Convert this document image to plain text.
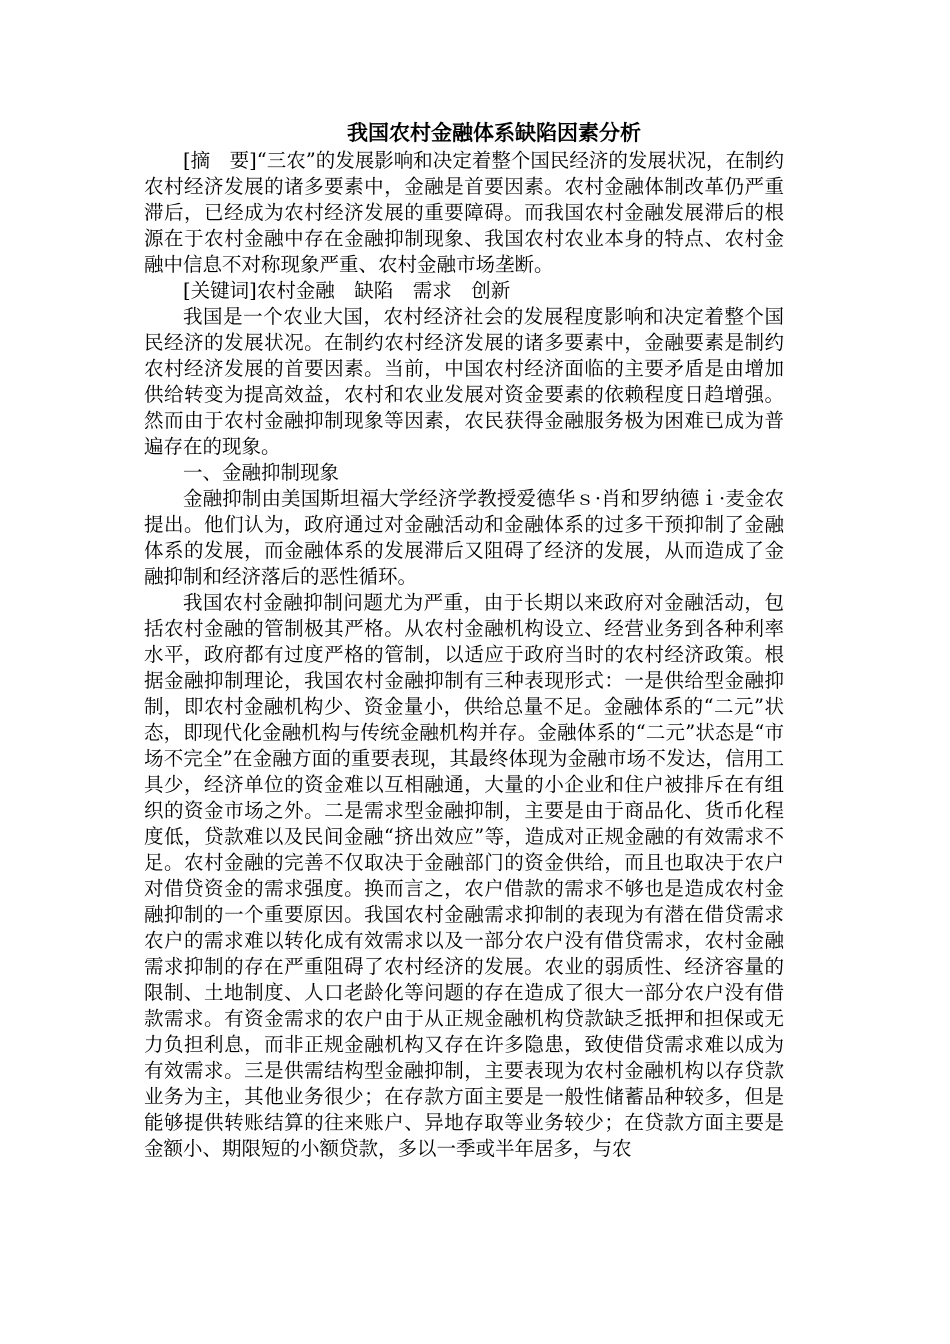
我国农村金融体系缺陷因素分析

[摘　要]“三农”的发展影响和决定着整个国民经济的发展状况，在制约农村经济发展的诸多要素中，金融是首要因素。农村金融体制改革仍严重滞后，已经成为农村经济发展的重要障碍。而我国农村金融发展滞后的根源在于农村金融中存在金融抑制现象、我国农村农业本身的特点、农村金融中信息不对称现象严重、农村金融市场垄断。

[关键词]农村金融　缺陷　需求　创新

我国是一个农业大国，农村经济社会的发展程度影响和决定着整个国民经济的发展状况。在制约农村经济发展的诸多要素中，金融要素是制约农村经济发展的首要因素。当前，中国农村经济面临的主要矛盾是由增加供给转变为提高效益，农村和农业发展对资金要素的依赖程度日趋增强。然而由于农村金融抑制现象等因素，农民获得金融服务极为困难已成为普遍存在的现象。

一、金融抑制现象

金融抑制由美国斯坦福大学经济学教授爱德华ｓ·肖和罗纳德ｉ·麦金农提出。他们认为，政府通过对金融活动和金融体系的过多干预抑制了金融体系的发展，而金融体系的发展滞后又阻碍了经济的发展，从而造成了金融抑制和经济落后的恶性循环。

我国农村金融抑制问题尤为严重，由于长期以来政府对金融活动，包括农村金融的管制极其严格。从农村金融机构设立、经营业务到各种利率水平，政府都有过度严格的管制，以适应于政府当时的农村经济政策。根据金融抑制理论，我国农村金融抑制有三种表现形式：一是供给型金融抑制，即农村金融机构少、资金量小，供给总量不足。金融体系的“二元”状态，即现代化金融机构与传统金融机构并存。金融体系的“二元”状态是“市场不完全”在金融方面的重要表现，其最终体现为金融市场不发达，信用工具少，经济单位的资金难以互相融通，大量的小企业和住户被排斥在有组织的资金市场之外。二是需求型金融抑制，主要是由于商品化、货币化程度低，贷款难以及民间金融“挤出效应”等，造成对正规金融的有效需求不足。农村金融的完善不仅取决于金融部门的资金供给，而且也取决于农户对借贷资金的需求强度。换而言之，农户借款的需求不够也是造成农村金融抑制的一个重要原因。我国农村金融需求抑制的表现为有潜在借贷需求农户的需求难以转化成有效需求以及一部分农户没有借贷需求，农村金融需求抑制的存在严重阻碍了农村经济的发展。农业的弱质性、经济容量的限制、土地制度、人口老龄化等问题的存在造成了很大一部分农户没有借款需求。有资金需求的农户由于从正规金融机构贷款缺乏抵押和担保或无力负担利息，而非正规金融机构又存在许多隐患，致使借贷需求难以成为有效需求。三是供需结构型金融抑制，主要表现为农村金融机构以存贷款业务为主，其他业务很少；在存款方面主要是一般性储蓄品种较多，但是能够提供转账结算的往来账户、异地存取等业务较少；在贷款方面主要是金额小、期限短的小额贷款，多以一季或半年居多，与农
